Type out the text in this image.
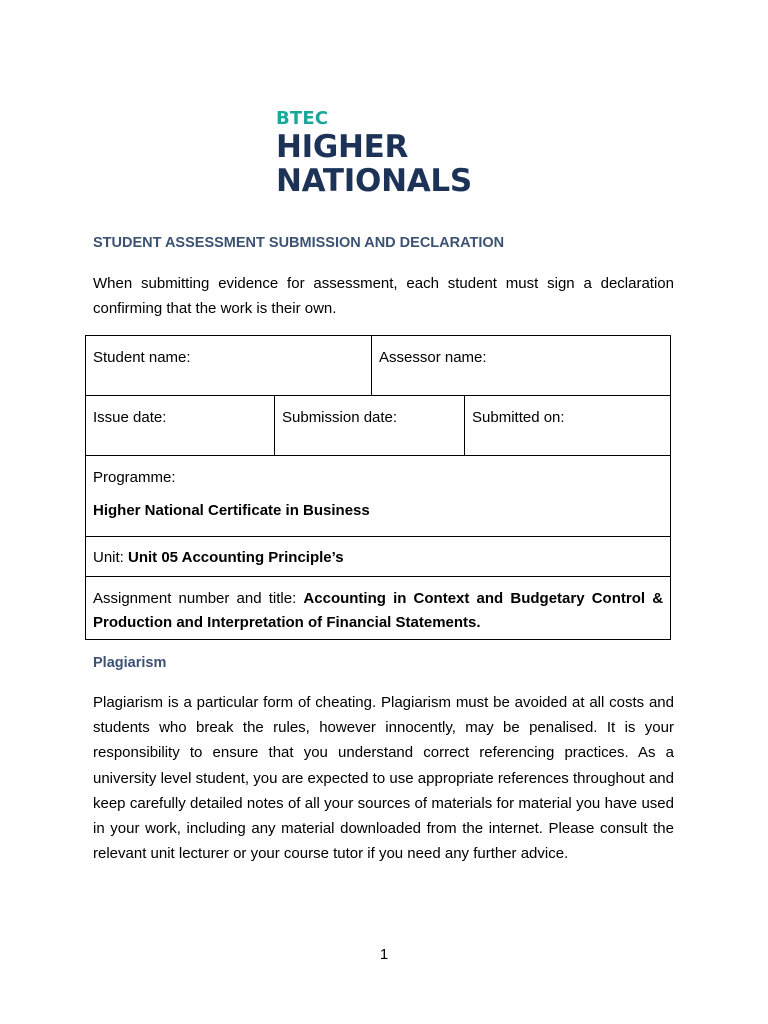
BTEC
HIGHER
NATIONALS
STUDENT ASSESSMENT SUBMISSION AND DECLARATION
When submitting evidence for assessment, each student must sign a declaration confirming that the work is their own.
Student name:		Assessor name:	
Issue date:	Submission date:		Submitted on:

Programme:
Higher National Certificate in Business			

Unit: Unit 05 Accounting Principle’s			
Assignment number and title: Accounting in Context and Budgetary Control & Production and Interpretation of Financial Statements.			
Plagiarism
Plagiarism is a particular form of cheating. Plagiarism must be avoided at all costs and students who break the rules, however innocently, may be penalised. It is your responsibility to ensure that you understand correct referencing practices. As a university level student, you are expected to use appropriate references throughout and keep carefully detailed notes of all your sources of materials for material you have used in your work, including any material downloaded from the internet. Please consult the relevant unit lecturer or your course tutor if you need any further advice.
1
